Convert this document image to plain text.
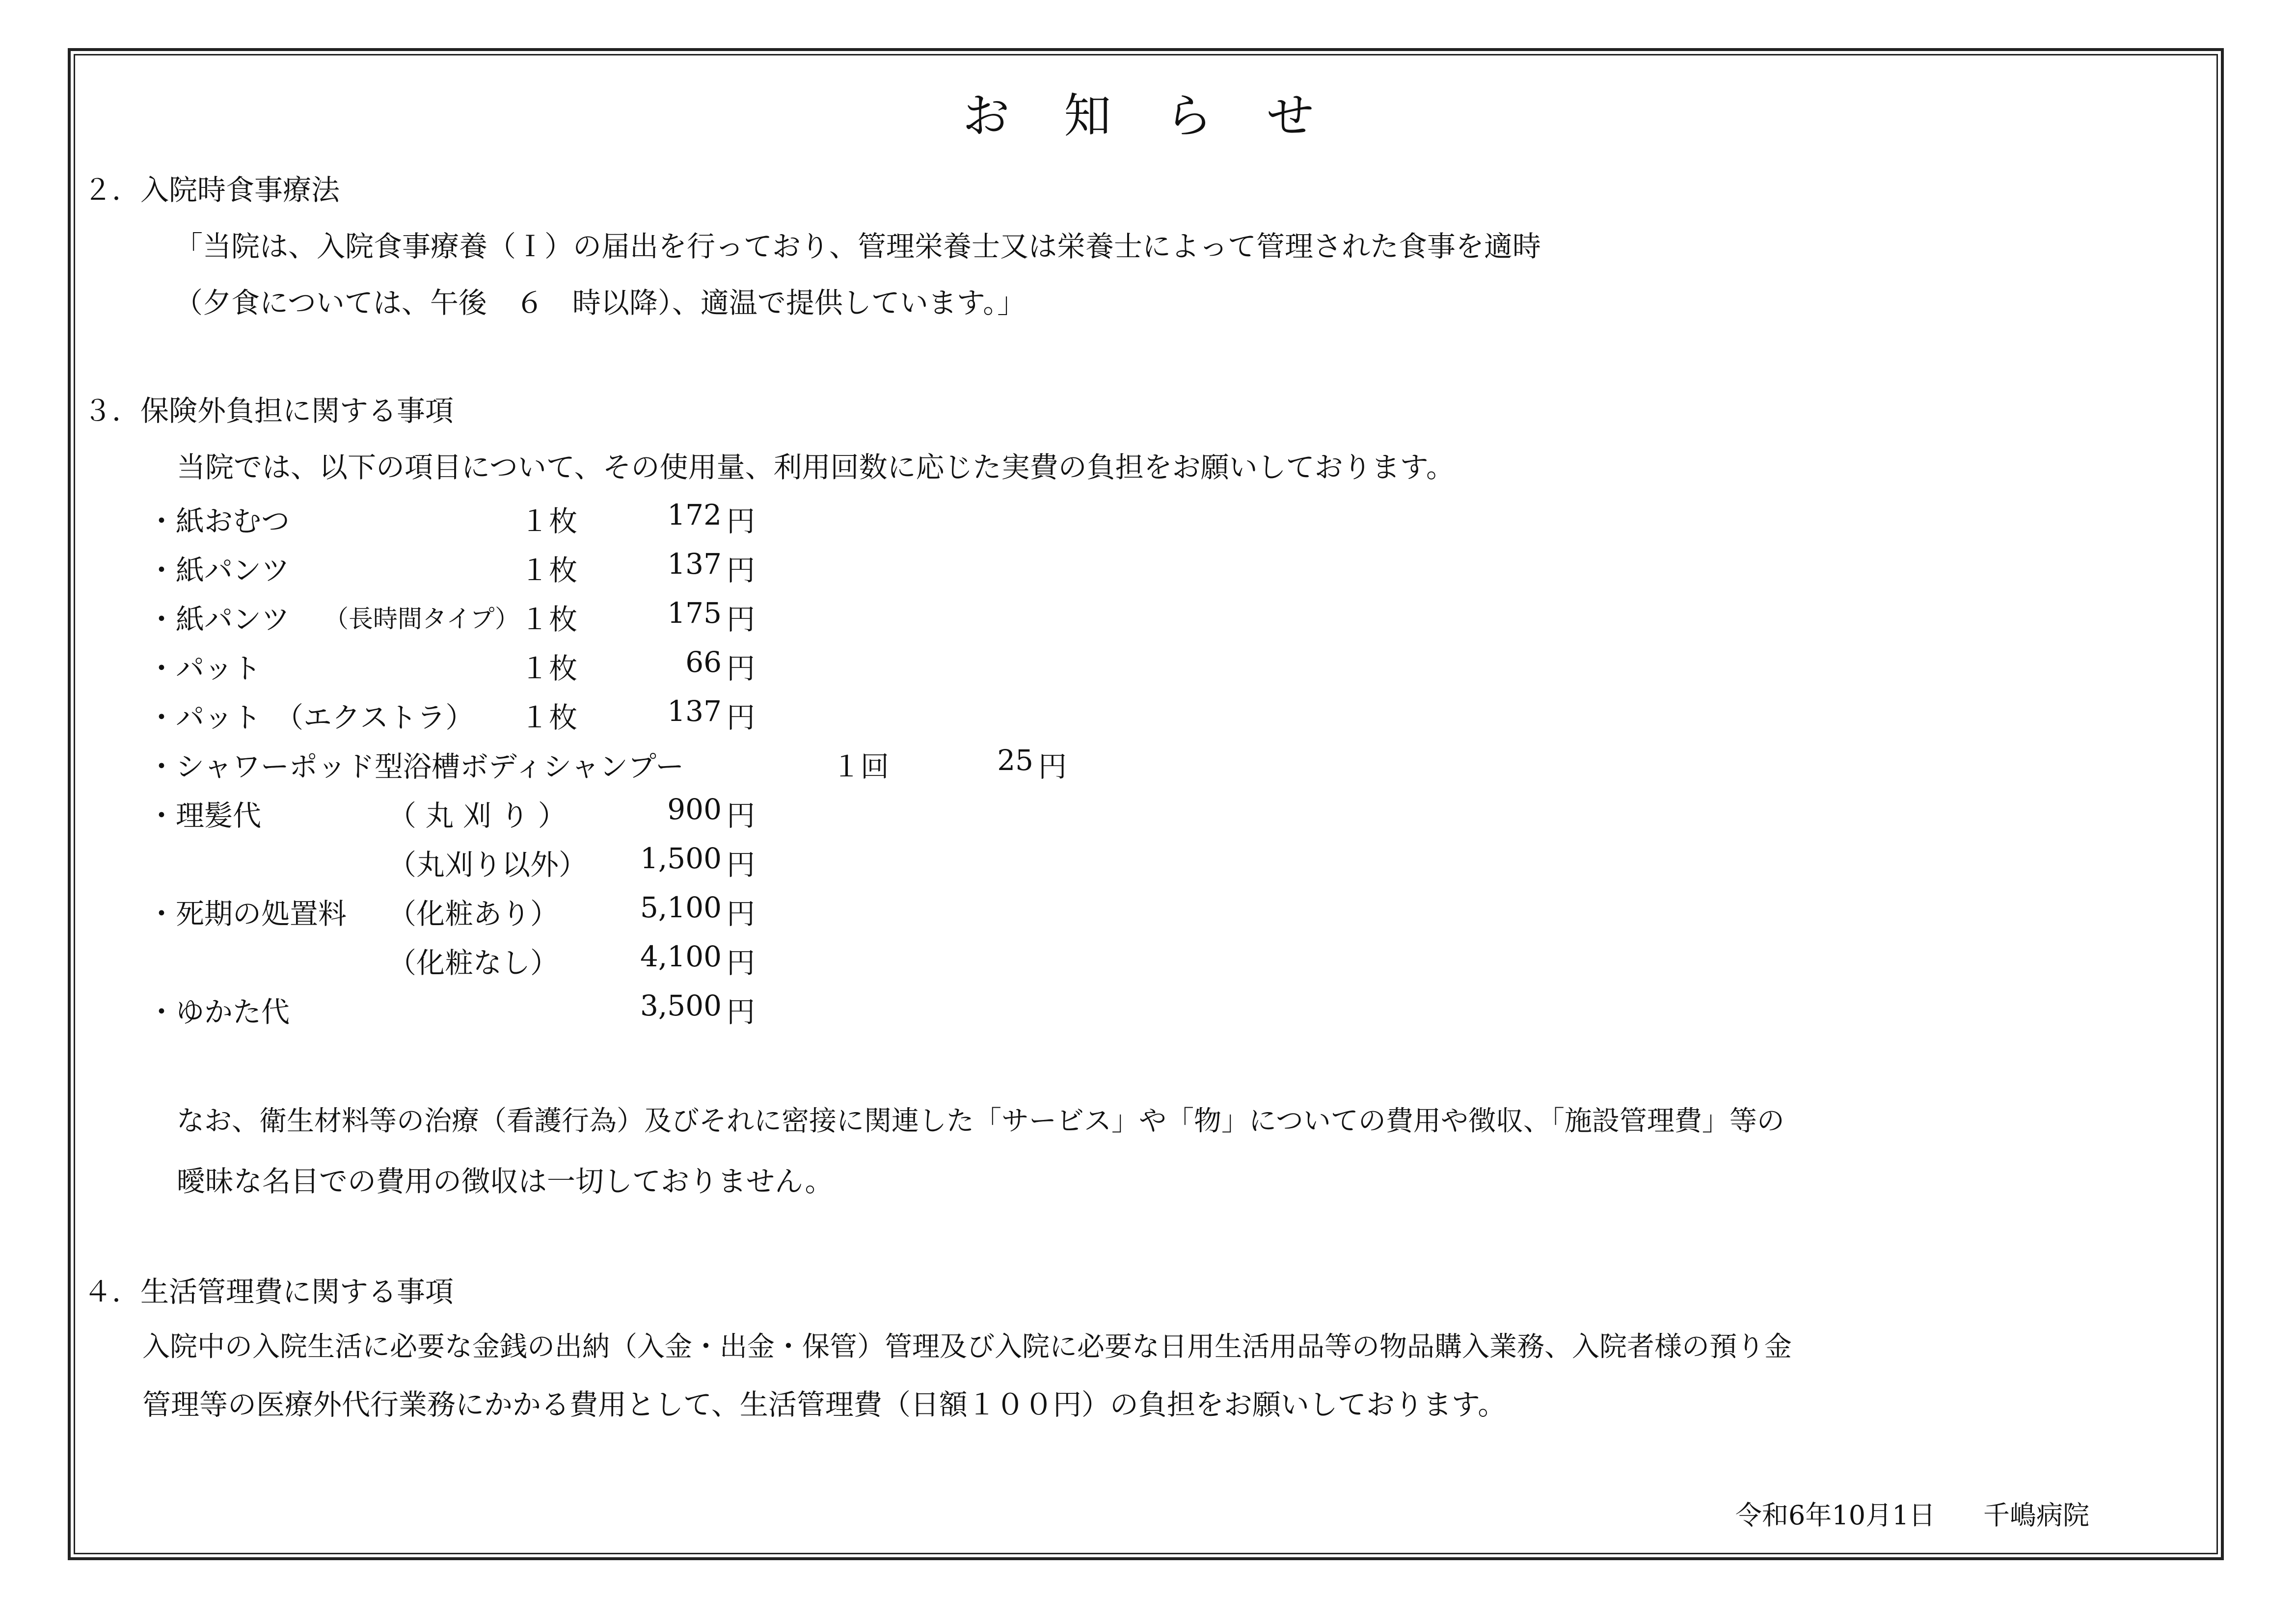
お 知 ら せ
２．入院時食事療法
「当院は、入院食事療養（Ｉ）の届出を行っており、管理栄養士又は栄養士によって管理された食事を適時
（夕食については、午後　６　時以降）、適温で提供しています。」
３．保険外負担に関する事項
当院では、以下の項目について、その使用量、利用回数に応じた実費の負担をお願いしております。
・紙おむつ	１枚	172 円
・紙パンツ	１枚	137 円
・紙パンツ （長時間タイプ） １枚	175 円
・パット	１枚	66 円
・パット （エクストラ） １枚	137 円
・シャワーポッド型浴槽ボディシャンプー	１回	25 円
・理髪代	（ 丸 刈 り ）	900 円
（丸刈り以外）	1,500 円
・死期の処置料 （化粧あり）	5,100 円
（化粧なし）	4,100 円
・ゆかた代	3,500 円
なお、衛生材料等の治療（看護行為）及びそれに密接に関連した「サービス」や「物」についての費用や徴収、「施設管理費」等の
曖昧な名目での費用の徴収は一切しておりません。
４．生活管理費に関する事項
入院中の入院生活に必要な金銭の出納（入金・出金・保管）管理及び入院に必要な日用生活用品等の物品購入業務、入院者様の預り金
管理等の医療外代行業務にかかる費用として、生活管理費（日額１００円）の負担をお願いしております。
令和6年10月1日 千嶋病院
